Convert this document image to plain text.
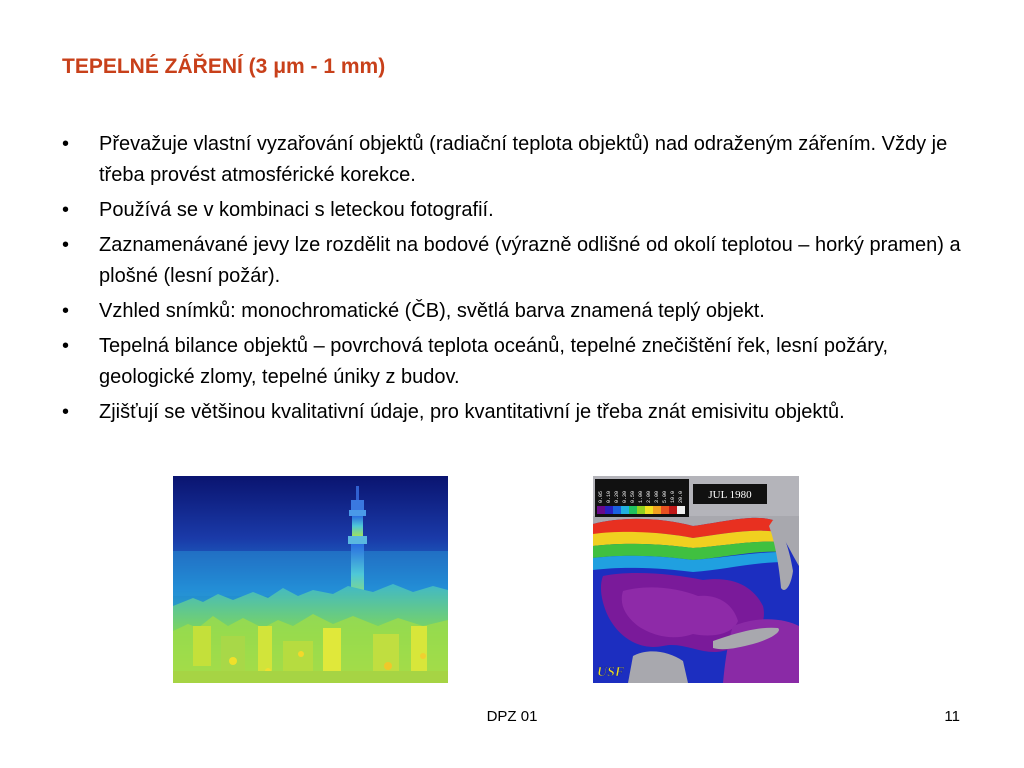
TEPELNÉ ZÁŘENÍ (3 μm - 1 mm)
• Převažuje vlastní vyzařování objektů (radiační teplota objektů) nad odraženým zářením. Vždy je třeba provést atmosférické korekce.
• Používá se v kombinaci s leteckou fotografií.
• Zaznamenávané jevy lze rozdělit na bodové (výrazně odlišné od okolí teplotou – horký pramen) a plošné (lesní požár).
• Vzhled snímků: monochromatické (ČB), světlá barva znamená teplý objekt.
• Tepelná bilance objektů – povrchová teplota oceánů, tepelné znečištění řek, lesní požáry, geologické zlomy, tepelné úniky z budov.
• Zjišťují se většinou kvalitativní údaje, pro kvantitativní je třeba znát emisivitu objektů.
0.05 0.10 0.20 0.30 0.50 1.00 2.00 3.00 5.00 10.0 20.0 JUL 1980
USF
DPZ 01	11
